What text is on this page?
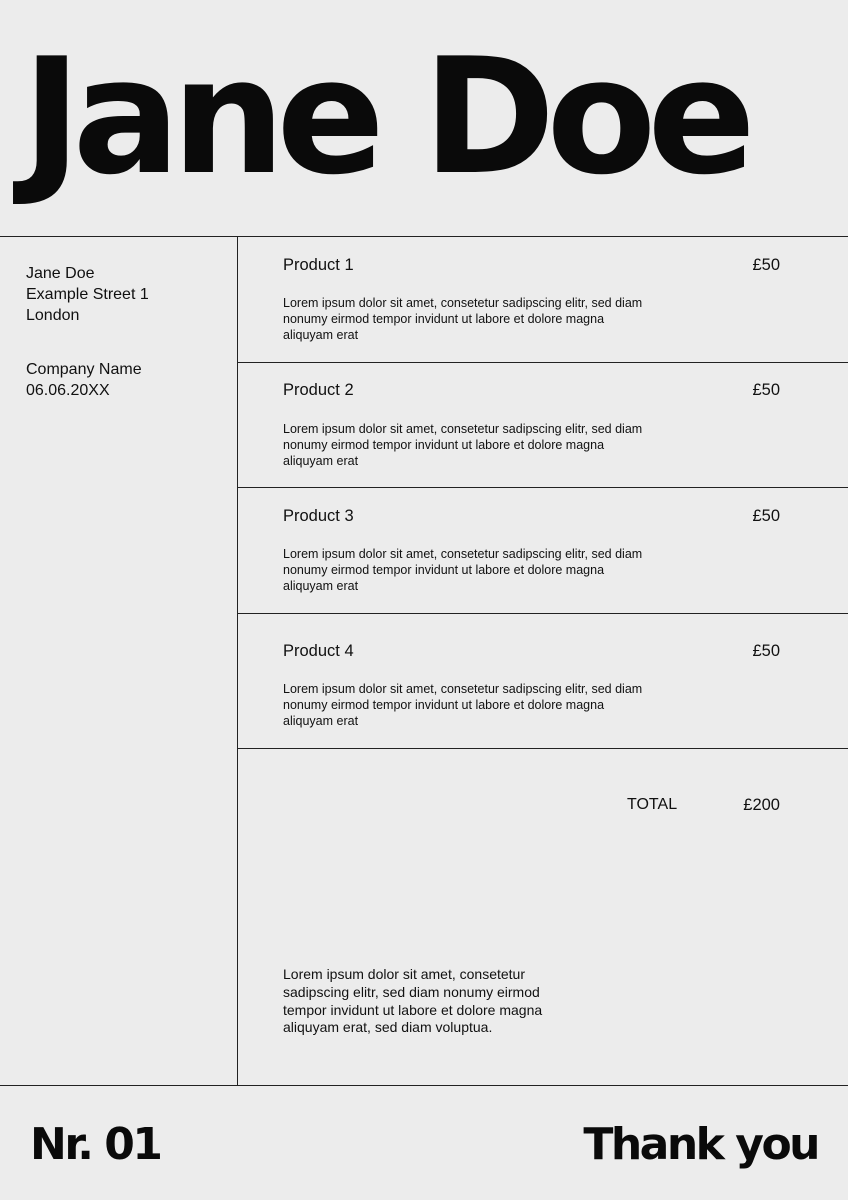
Jane Doe
Jane Doe
Example Street 1
London
Company Name
06.06.20XX
Product 1	£50
Lorem ipsum dolor sit amet, consetetur sadipscing elitr, sed diam nonumy eirmod tempor invidunt ut labore et dolore magna aliquyam erat
Product 2	£50
Lorem ipsum dolor sit amet, consetetur sadipscing elitr, sed diam nonumy eirmod tempor invidunt ut labore et dolore magna aliquyam erat
Product 3	£50
Lorem ipsum dolor sit amet, consetetur sadipscing elitr, sed diam nonumy eirmod tempor invidunt ut labore et dolore magna aliquyam erat
Product 4	£50
Lorem ipsum dolor sit amet, consetetur sadipscing elitr, sed diam nonumy eirmod tempor invidunt ut labore et dolore magna aliquyam erat
TOTAL	£200
Lorem ipsum dolor sit amet, consetetur sadipscing elitr, sed diam nonumy eirmod tempor invidunt ut labore et dolore magna aliquyam erat, sed diam voluptua.
Nr. 01	Thank you
